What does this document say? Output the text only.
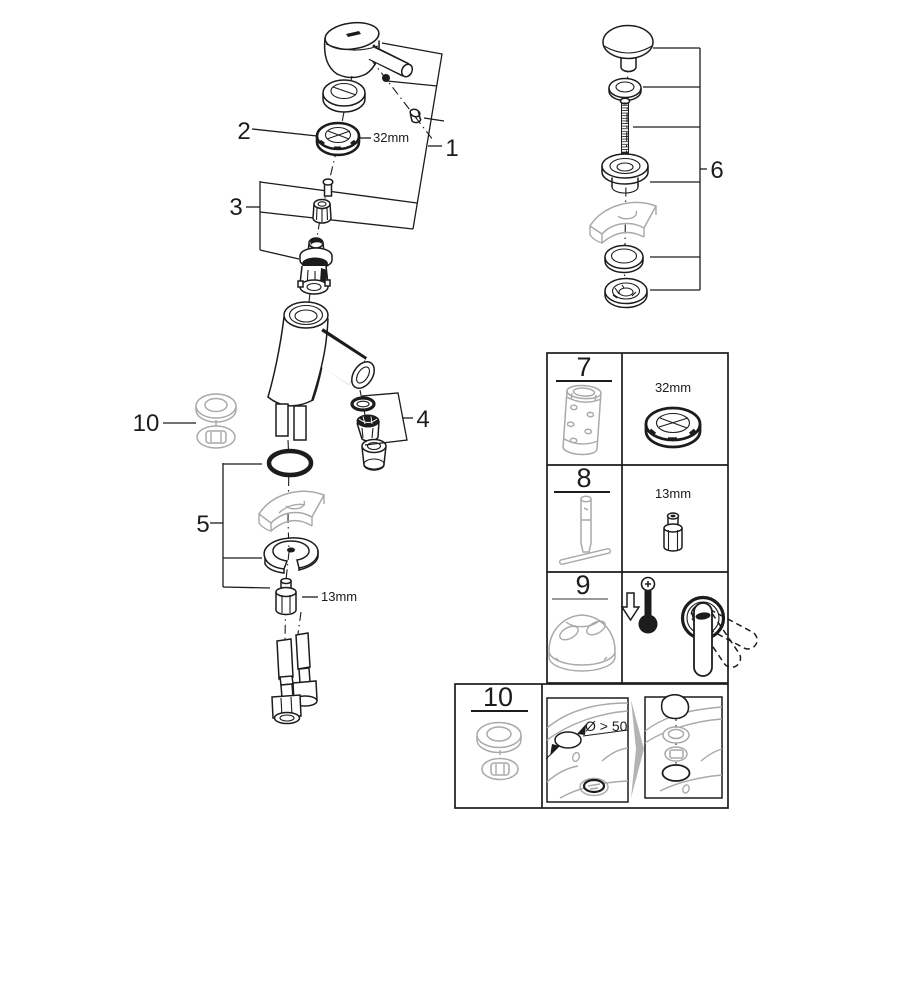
1
2	32mm
3
4
10
13mm
5
6
7
32mm
8
13mm
9
10
Ø > 50
